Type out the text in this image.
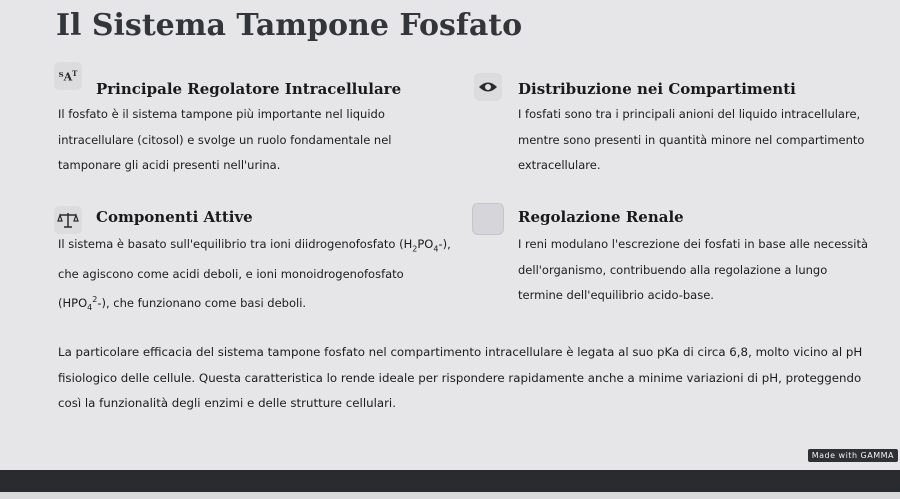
Il Sistema Tampone Fosfato
ᵀA$^T$
Principale Regolatore Intracellulare

Il fosfato è il sistema tampone più importante nel liquido intracellulare (citosol) e svolge un ruolo fondamentale nel tamponare gli acidi presenti nell'urina.

Distribuzione nei Compartimenti

I fosfati sono tra i principali anioni del liquido intracellulare, mentre sono presenti in quantità minore nel compartimento extracellulare.

Componenti Attive

Il sistema è basato sull'equilibrio tra ioni diidrogenofosfato $(H_2PO_4-)$, che agiscono come acidi deboli, e ioni monoidrogenofosfato $(HPO_4^2-)$, che funzionano come basi deboli.

Regolazione Renale

I reni modulano l'escrezione dei fosfati in base alle necessità dell'organismo, contribuendo alla regolazione a lungo termine dell'equilibrio acido-base.

La particolare efficacia del sistema tampone fosfato nel compartimento intracellulare è legata al suo pKa di circa 6,8, molto vicino al pH fisiologico delle cellule. Questa caratteristica lo rende ideale per rispondere rapidamente anche a minime variazioni di pH, proteggendo così la funzionalità degli enzimi e delle strutture cellulari.

Made with GAMMA
